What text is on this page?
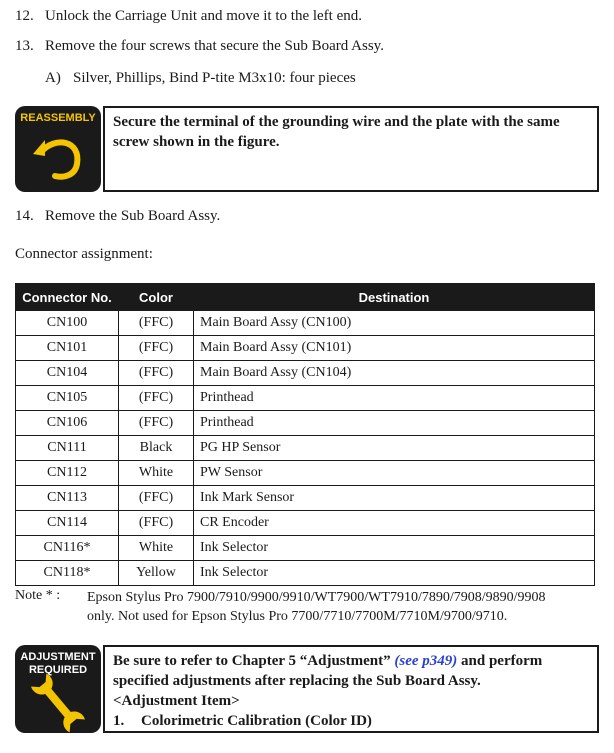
12. Unlock the Carriage Unit and move it to the left end.
13. Remove the four screws that secure the Sub Board Assy.
A) Silver, Phillips, Bind P-tite M3x10: four pieces
REASSEMBLY	Secure the terminal of the grounding wire and the plate with the same screw shown in the figure.
14. Remove the Sub Board Assy.
Connector assignment:
Connector No.	Color	Destination
CN100	(FFC)	Main Board Assy (CN100)
CN101	(FFC)	Main Board Assy (CN101)
CN104	(FFC)	Main Board Assy (CN104)
CN105	(FFC)	Printhead
CN106	(FFC)	Printhead
CN111	Black	PG HP Sensor
CN112	White	PW Sensor
CN113	(FFC)	Ink Mark Sensor
CN114	(FFC)	CR Encoder
CN116*	White	Ink Selector
CN118*	Yellow	Ink Selector
Note * :	Epson Stylus Pro 7900/7910/9900/9910/WT7900/WT7910/7890/7908/9890/9908
only. Not used for Epson Stylus Pro 7700/7710/7700M/7710M/9700/9710.
ADJUSTMENT
REQUIRED
Be sure to refer to Chapter 5 “Adjustment” (see p349) and perform specified adjustments after replacing the Sub Board Assy.
<Adjustment Item>
1. Colorimetric Calibration (Color ID)
